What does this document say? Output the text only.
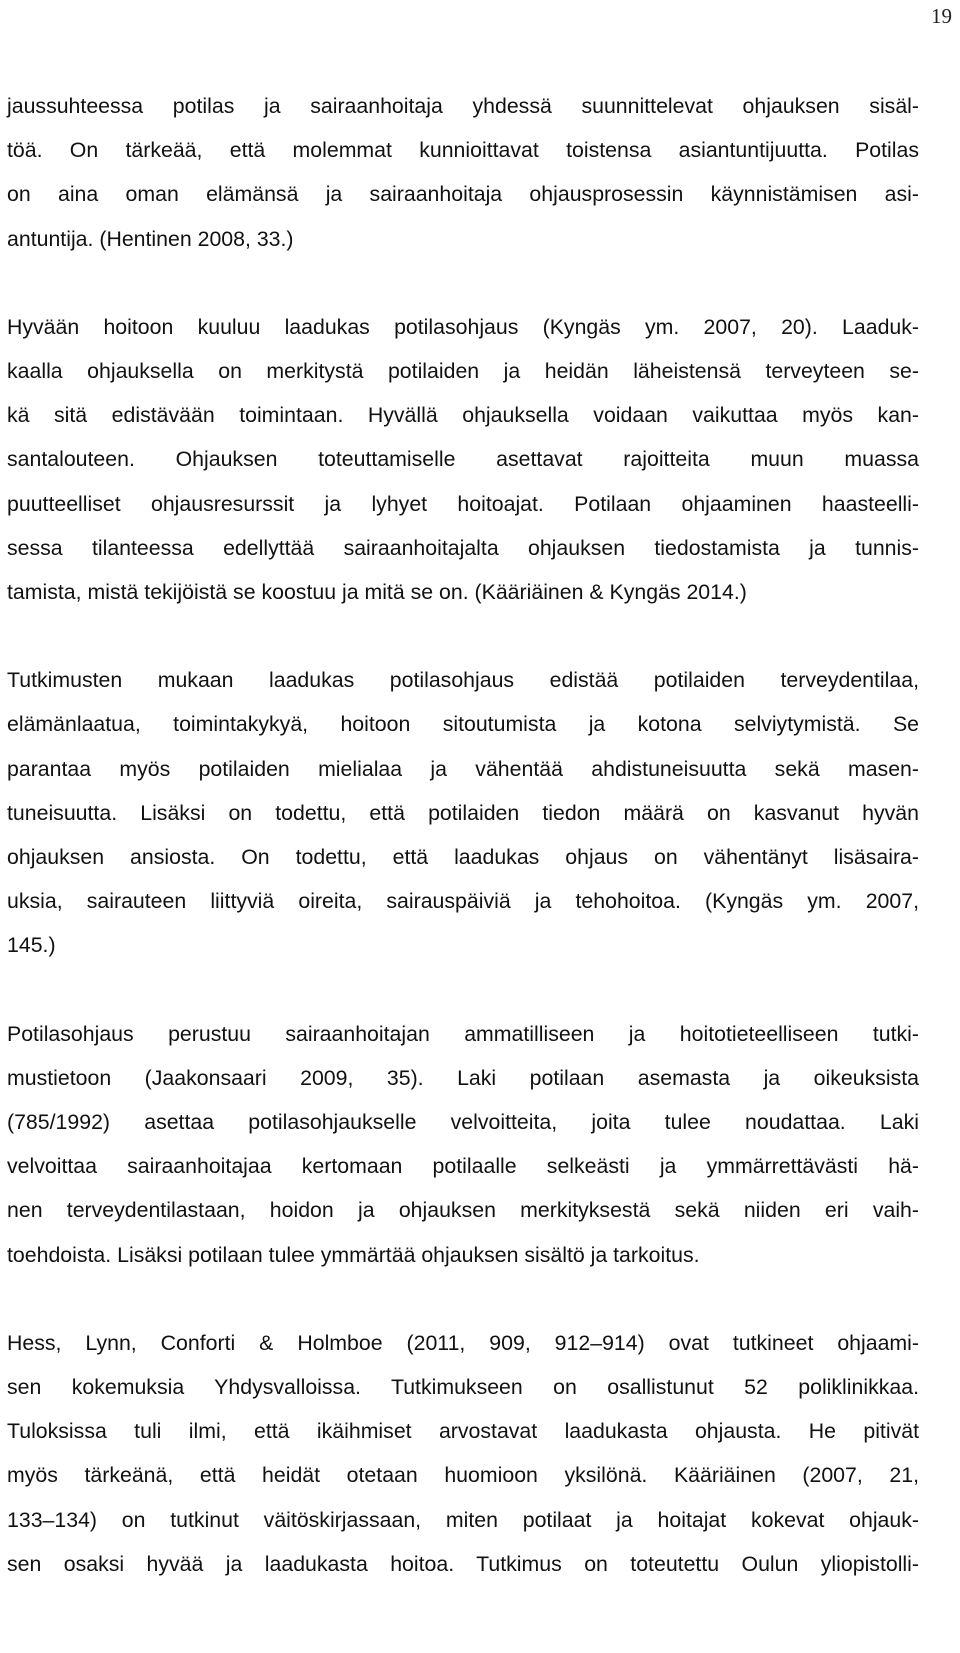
19

jaussuhteessa potilas ja sairaanhoitaja yhdessä suunnittelevat ohjauksen sisäl-
töä. On tärkeää, että molemmat kunnioittavat toistensa asiantuntijuutta. Potilas
on aina oman elämänsä ja sairaanhoitaja ohjausprosessin käynnistämisen asi-
antuntija. (Hentinen 2008, 33.)

Hyvään hoitoon kuuluu laadukas potilasohjaus (Kyngäs ym. 2007, 20). Laaduk-
kaalla ohjauksella on merkitystä potilaiden ja heidän läheistensä terveyteen se-
kä sitä edistävään toimintaan. Hyvällä ohjauksella voidaan vaikuttaa myös kan-
santalouteen. Ohjauksen toteuttamiselle asettavat rajoitteita muun muassa
puutteelliset ohjausresurssit ja lyhyet hoitoajat. Potilaan ohjaaminen haasteelli-
sessa tilanteessa edellyttää sairaanhoitajalta ohjauksen tiedostamista ja tunnis-
tamista, mistä tekijöistä se koostuu ja mitä se on. (Kääriäinen & Kyngäs 2014.)

Tutkimusten mukaan laadukas potilasohjaus edistää potilaiden terveydentilaa,
elämänlaatua, toimintakykyä, hoitoon sitoutumista ja kotona selviytymistä. Se
parantaa myös potilaiden mielialaa ja vähentää ahdistuneisuutta sekä masen-
tuneisuutta. Lisäksi on todettu, että potilaiden tiedon määrä on kasvanut hyvän
ohjauksen ansiosta. On todettu, että laadukas ohjaus on vähentänyt lisäsaira-
uksia, sairauteen liittyviä oireita, sairauspäiviä ja tehohoitoa. (Kyngäs ym. 2007,
145.)

Potilasohjaus perustuu sairaanhoitajan ammatilliseen ja hoitotieteelliseen tutki-
mustietoon (Jaakonsaari 2009, 35). Laki potilaan asemasta ja oikeuksista
(785/1992) asettaa potilasohjaukselle velvoitteita, joita tulee noudattaa. Laki
velvoittaa sairaanhoitajaa kertomaan potilaalle selkeästi ja ymmärrettävästi hä-
nen terveydentilastaan, hoidon ja ohjauksen merkityksestä sekä niiden eri vaih-
toehdoista. Lisäksi potilaan tulee ymmärtää ohjauksen sisältö ja tarkoitus.

Hess, Lynn, Conforti & Holmboe (2011, 909, 912–914) ovat tutkineet ohjaami-
sen kokemuksia Yhdysvalloissa. Tutkimukseen on osallistunut 52 poliklinikkaa.
Tuloksissa tuli ilmi, että ikäihmiset arvostavat laadukasta ohjausta. He pitivät
myös tärkeänä, että heidät otetaan huomioon yksilönä. Kääriäinen (2007, 21,
133–134) on tutkinut väitöskirjassaan, miten potilaat ja hoitajat kokevat ohjauk-
sen osaksi hyvää ja laadukasta hoitoa. Tutkimus on toteutettu Oulun yliopistolli-
